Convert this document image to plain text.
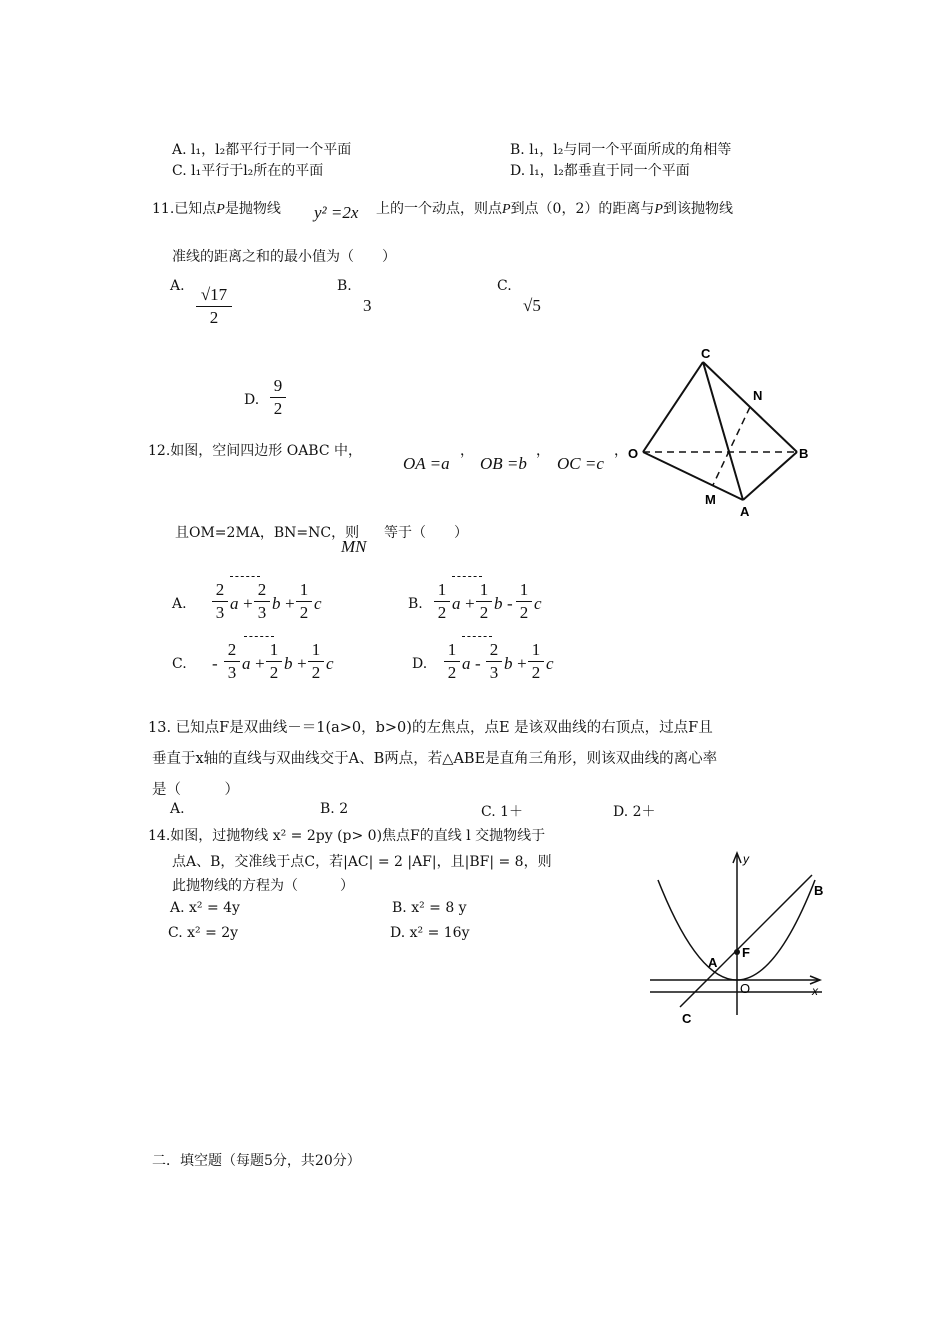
A. l₁，l₂都平行于同一个平面	B. l₁，l₂与同一个平面所成的角相等
C. l₁平行于l₂所在的平面	D. l₁，l₂都垂直于同一个平面
11.已知点P是抛物线 y² =2x 上的一个动点，则点P到点（0，2）的距离与P到该抛物线
准线的距离之和的最小值为（　　）
A. √17
2
B.
3
C.
√5
D.
9
2
C
N
O	B
M
A
12.如图，空间四边形 OABC 中，
OA =a
，
OB =b
，
OC =c
，
且OM=2MA，BN=NC，则
MN
等于（　　）
A.
2
3 a +
2
3 b +
1
2 c	B.
1
2 a +
1
2 b -
1
2 c
C. -
2
3 a +
1
2 b +
1
2 c	D.
1
2 a -
2
3 b +
1
2 c
13. 已知点F是双曲线－＝1(a>0，b>0)的左焦点，点E 是该双曲线的右顶点，过点F且
垂直于x轴的直线与双曲线交于A、B两点，若△ABE是直角三角形，则该双曲线的离心率
是（　　　）
A.	B. 2	C. 1＋	D. 2＋
14.如图，过抛物线 x² = 2py (p> 0)焦点F的直线 l 交抛物线于
点A、B，交准线于点C，若|AC| = 2 |AF|，且|BF| = 8，则
此抛物线的方程为（　　　）
A. x² = 4y	B. x² = 8 y
C. x² = 2y	D. x² = 16y
y
x
B
A
F
O
C
二．填空题（每题5分，共20分）
